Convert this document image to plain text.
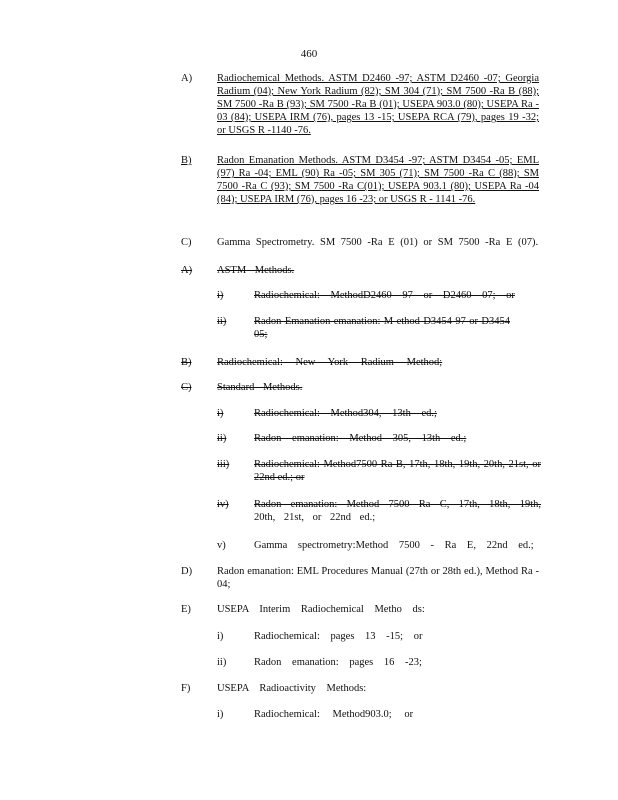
460
A) Radiochemical Methods. ASTM D2460 -97; ASTM D2460 -07; Georgia Radium (04); New York Radium (82); SM 304 (71); SM 7500 -Ra B (88); SM 7500 -Ra B (93); SM 7500 -Ra B (01); USEPA 903.0 (80); USEPA Ra - 03 (84); USEPA IRM (76), pages 13 -15; USEPA RCA (79), pages 19 -32; or USGS R -1140 -76.

B) Radon Emanation Methods. ASTM D3454 -97; ASTM D3454 -05; EML (97) Ra -04; EML (90) Ra -05; SM 305 (71); SM 7500 -Ra C (88); SM 7500 -Ra C (93); SM 7500 -Ra C(01); USEPA 903.1 (80); USEPA Ra -04 (84); USEPA IRM (76), pages 16 -23; or USGS R - 1141 -76.

C) Gamma Spectrometry. SM 7500 -Ra E (01) or SM 7500 -Ra E (07).

A) ASTM Methods.

i)	Radiochemical: MethodD2460 97 or D2460 07; or

ii)	Radon Emanation emanation: M ethod D3454 97 or D3454 05;

B) Radiochemical: New York Radium Method;

C) Standard Methods.

i)	Radiochemical: Method304, 13th ed.;

ii)	Radon emanation: Method 305, 13th ed.;

iii) Radiochemical: Method7500 Ra B, 17th, 18th, 19th, 20th, 21st, or 22nd ed.; or

iv) Radon emanation: Method 7500 Ra C, 17th, 18th, 19th,

20th, 21st, or 22nd ed.;

v)	Gamma spectrometry:Method 7500 - Ra E, 22nd ed.;

D) Radon emanation: EML Procedures Manual (27th or 28th ed.), Method Ra - 04;

E) USEPA Interim Radiochemical Metho ds:

i)	Radiochemical: pages 13 -15; or

ii)	Radon emanation: pages 16 -23;

F)	USEPA Radioactivity Methods:

i)	Radiochemical: Method903.0; or
